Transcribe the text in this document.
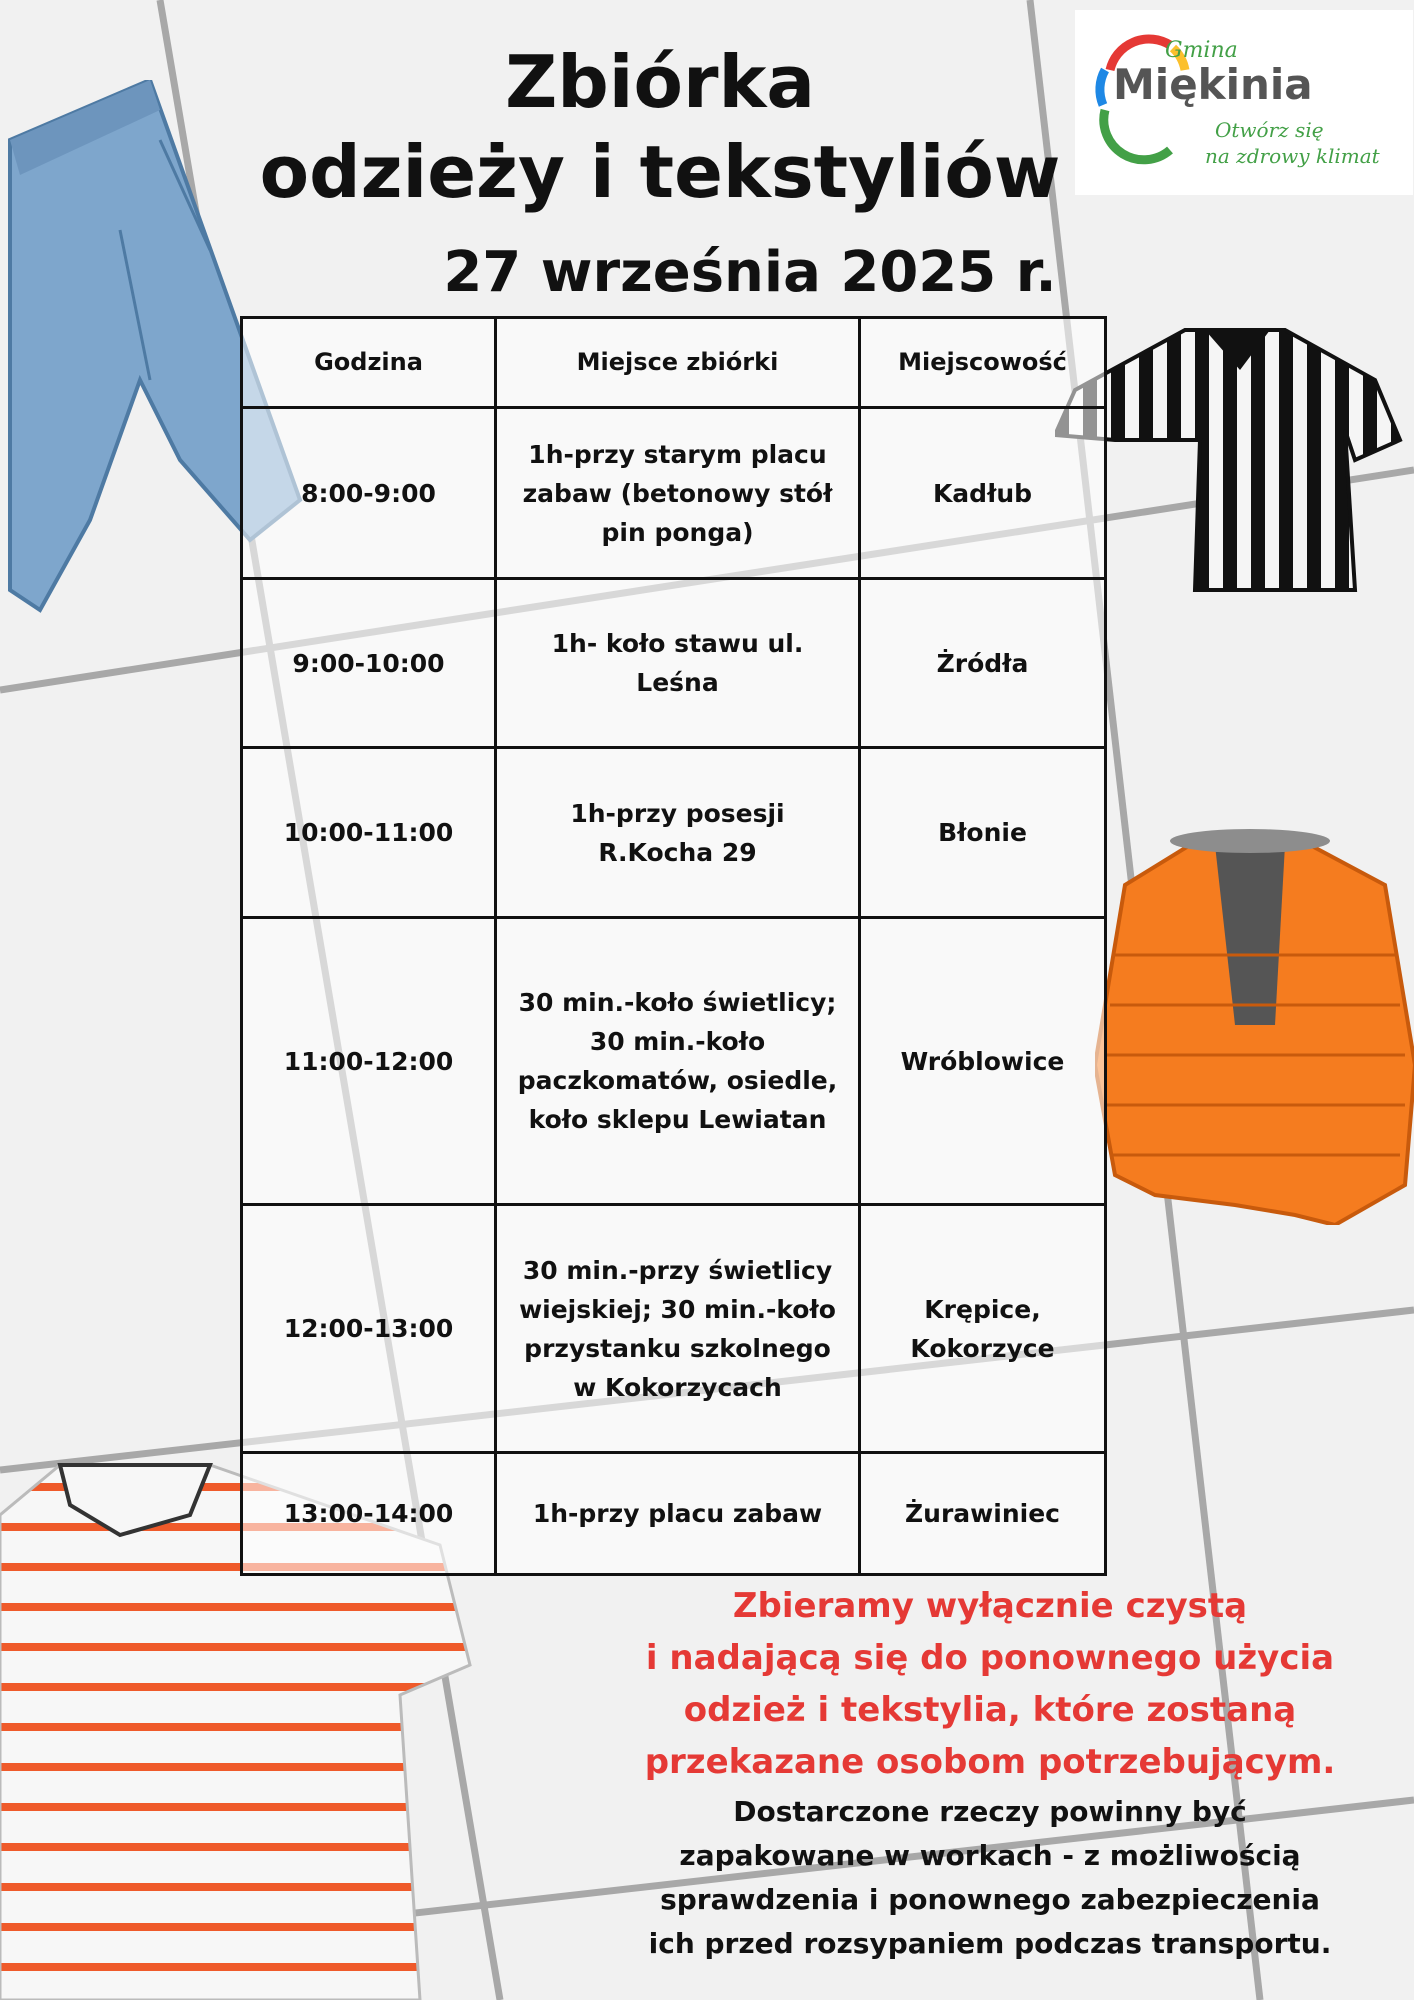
Gmina
Miękinia
Otwórz się
na zdrowy klimat
Zbiórka
odzieży i tekstyliów
27 września 2025 r.
Godzina	Miejsce zbiórki	Miejscowość
8:00-9:00	1h-przy starym placu zabaw (betonowy stół pin ponga)	Kadłub
9:00-10:00	1h- koło stawu ul. Leśna	Żródła
10:00-11:00	1h-przy posesji R.Kocha 29	Błonie
11:00-12:00	30 min.-koło świetlicy; 30 min.-koło paczkomatów, osiedle, koło sklepu Lewiatan	Wróblowice
12:00-13:00	30 min.-przy świetlicy wiejskiej; 30 min.-koło przystanku szkolnego w Kokorzycach	Krępice, Kokorzyce
13:00-14:00	1h-przy placu zabaw	Żurawiniec
Zbieramy wyłącznie czystą
i nadającą się do ponownego użycia
odzież i tekstylia, które zostaną
przekazane osobom potrzebującym.
Dostarczone rzeczy powinny być
zapakowane w workach - z możliwością
sprawdzenia i ponownego zabezpieczenia
ich przed rozsypaniem podczas transportu.
